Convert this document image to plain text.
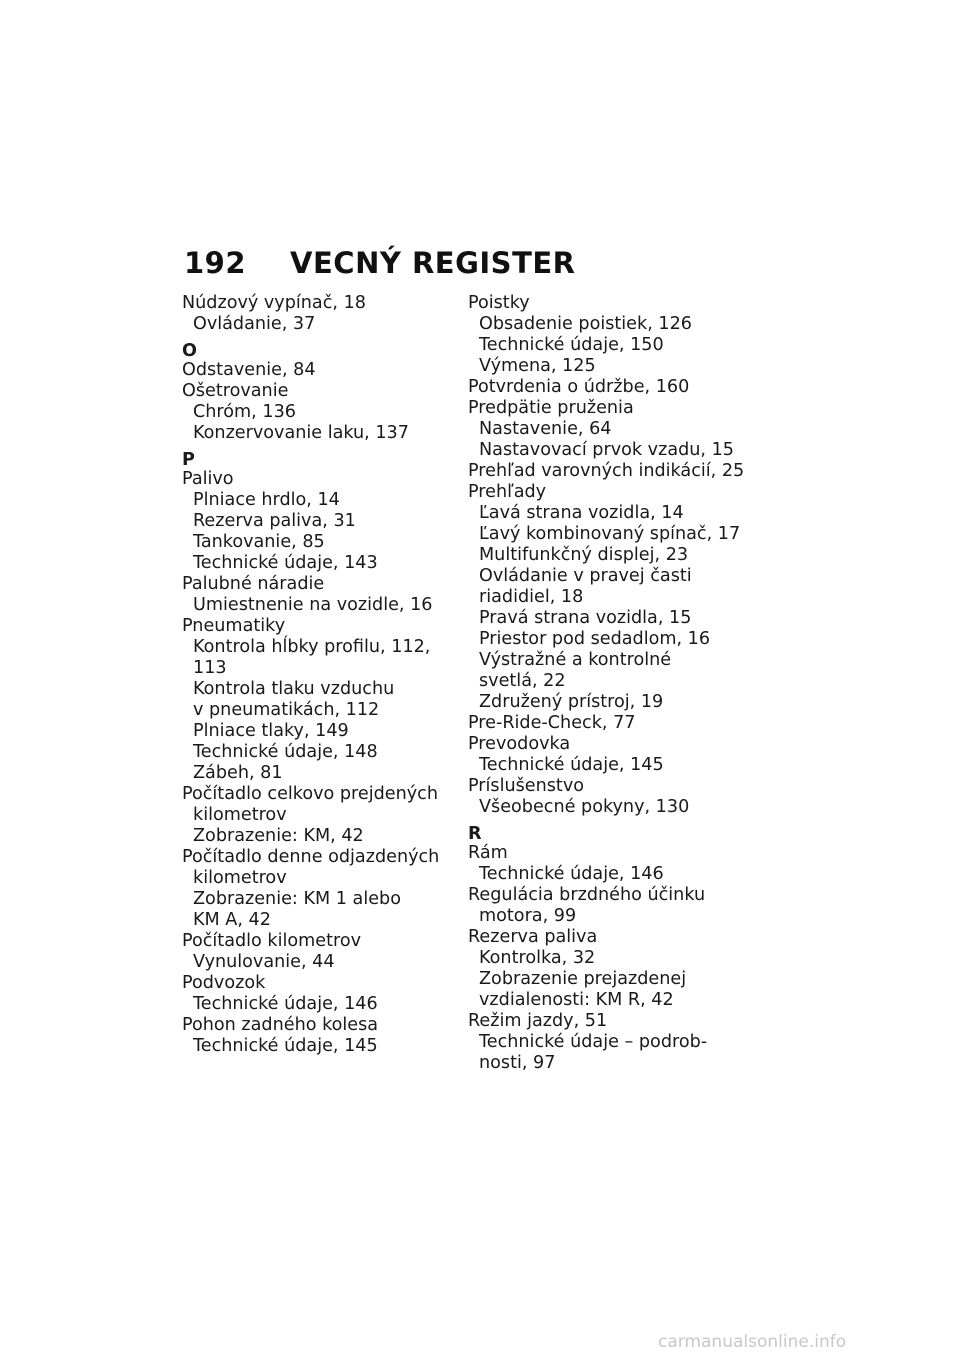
192 VECNÝ REGISTER
Núdzový vypínač, 18
Ovládanie, 37
O
Odstavenie, 84
Ošetrovanie
Chróm, 136
Konzervovanie laku, 137
P
Palivo
Plniace hrdlo, 14
Rezerva paliva, 31
Tankovanie, 85
Technické údaje, 143
Palubné náradie
Umiestnenie na vozidle, 16
Pneumatiky
Kontrola hĺbky profilu, 112,
113
Kontrola tlaku vzduchu
v pneumatikách, 112
Plniace tlaky, 149
Technické údaje, 148
Zábeh, 81
Počítadlo celkovo prejdených
kilometrov
Zobrazenie: KM, 42
Počítadlo denne odjazdených
kilometrov
Zobrazenie: KM 1 alebo
KM A, 42
Počítadlo kilometrov
Vynulovanie, 44
Podvozok
Technické údaje, 146
Pohon zadného kolesa
Technické údaje, 145
Poistky
Obsadenie poistiek, 126
Technické údaje, 150
Výmena, 125
Potvrdenia o údržbe, 160
Predpätie pruženia
Nastavenie, 64
Nastavovací prvok vzadu, 15
Prehľad varovných indikácií, 25
Prehľady
Ľavá strana vozidla, 14
Ľavý kombinovaný spínač, 17
Multifunkčný displej, 23
Ovládanie v pravej časti
riadidiel, 18
Pravá strana vozidla, 15
Priestor pod sedadlom, 16
Výstražné a kontrolné
svetlá, 22
Združený prístroj, 19
Pre-Ride-Check, 77
Prevodovka
Technické údaje, 145
Príslušenstvo
Všeobecné pokyny, 130
R
Rám
Technické údaje, 146
Regulácia brzdného účinku
motora, 99
Rezerva paliva
Kontrolka, 32
Zobrazenie prejazdenej
vzdialenosti: KM R, 42
Režim jazdy, 51
Technické údaje – podrob-
nosti, 97
carmanualsonline.info
